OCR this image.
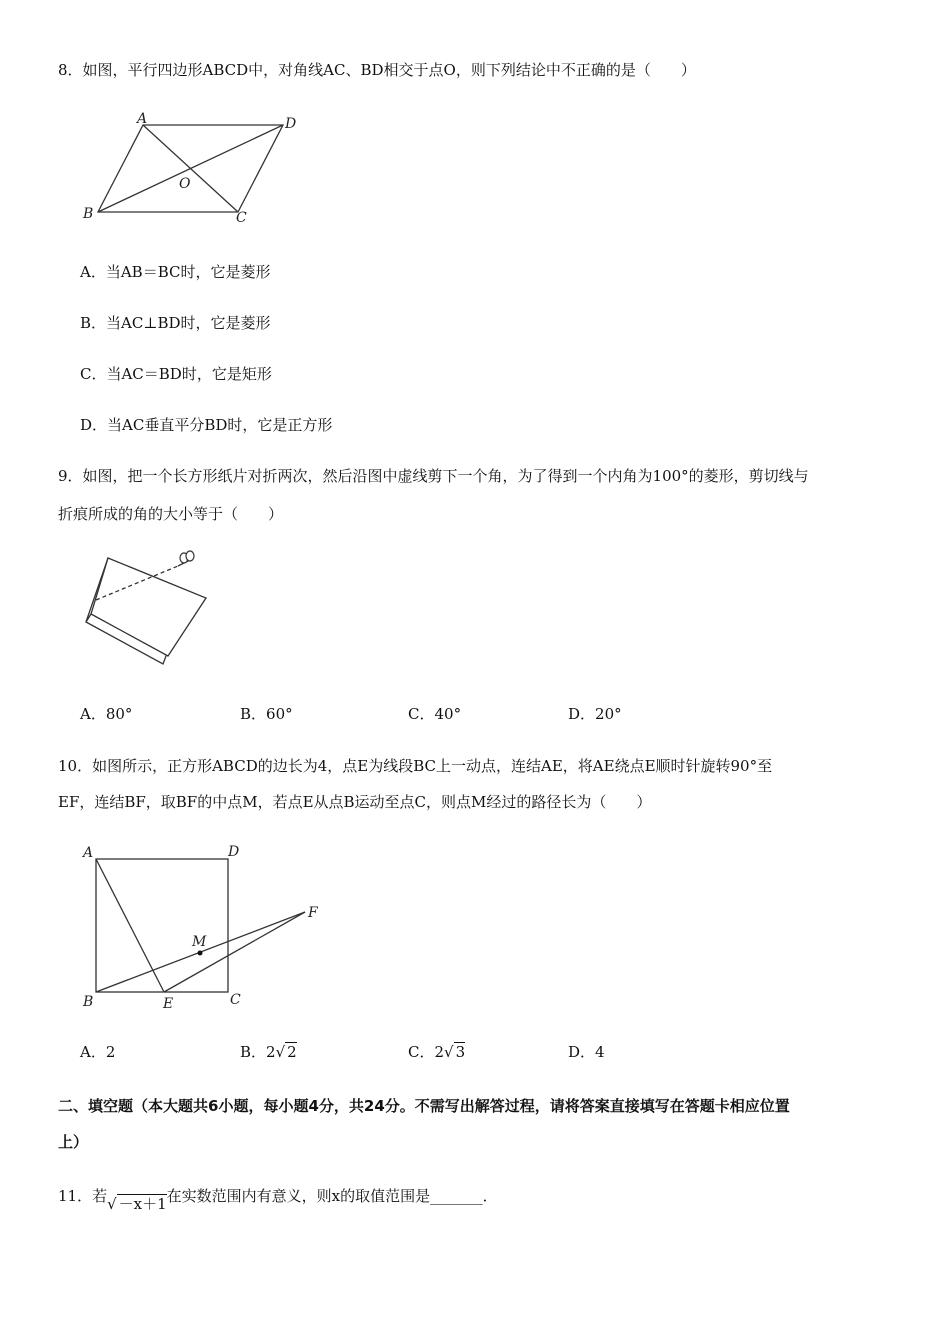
8．如图，平行四边形ABCD中，对角线AC、BD相交于点O，则下列结论中不正确的是（　　）
A	D
O
B	C
A．当AB＝BC时，它是菱形
B．当AC⊥BD时，它是菱形
C．当AC＝BD时，它是矩形
D．当AC垂直平分BD时，它是正方形
9．如图，把一个长方形纸片对折两次，然后沿图中虚线剪下一个角，为了得到一个内角为100°的菱形，剪切线与
折痕所成的角的大小等于（　　）
A．80°	B．60°	C．40°	D．20°
10．如图所示，正方形ABCD的边长为4，点E为线段BC上一动点，连结AE，将AE绕点E顺时针旋转90°至
EF，连结BF，取BF的中点M，若点E从点B运动至点C，则点M经过的路径长为（　　）
A	D
F
M
B	E	C
A．2	B．2√ 2	C．2√ 3	D．4
二、填空题（本大题共6小题，每小题4分，共24分。不需写出解答过程，请将答案直接填写在答题卡相应位置
上）
11．若√ －x＋1在实数范围内有意义，则x的取值范围是_______．
